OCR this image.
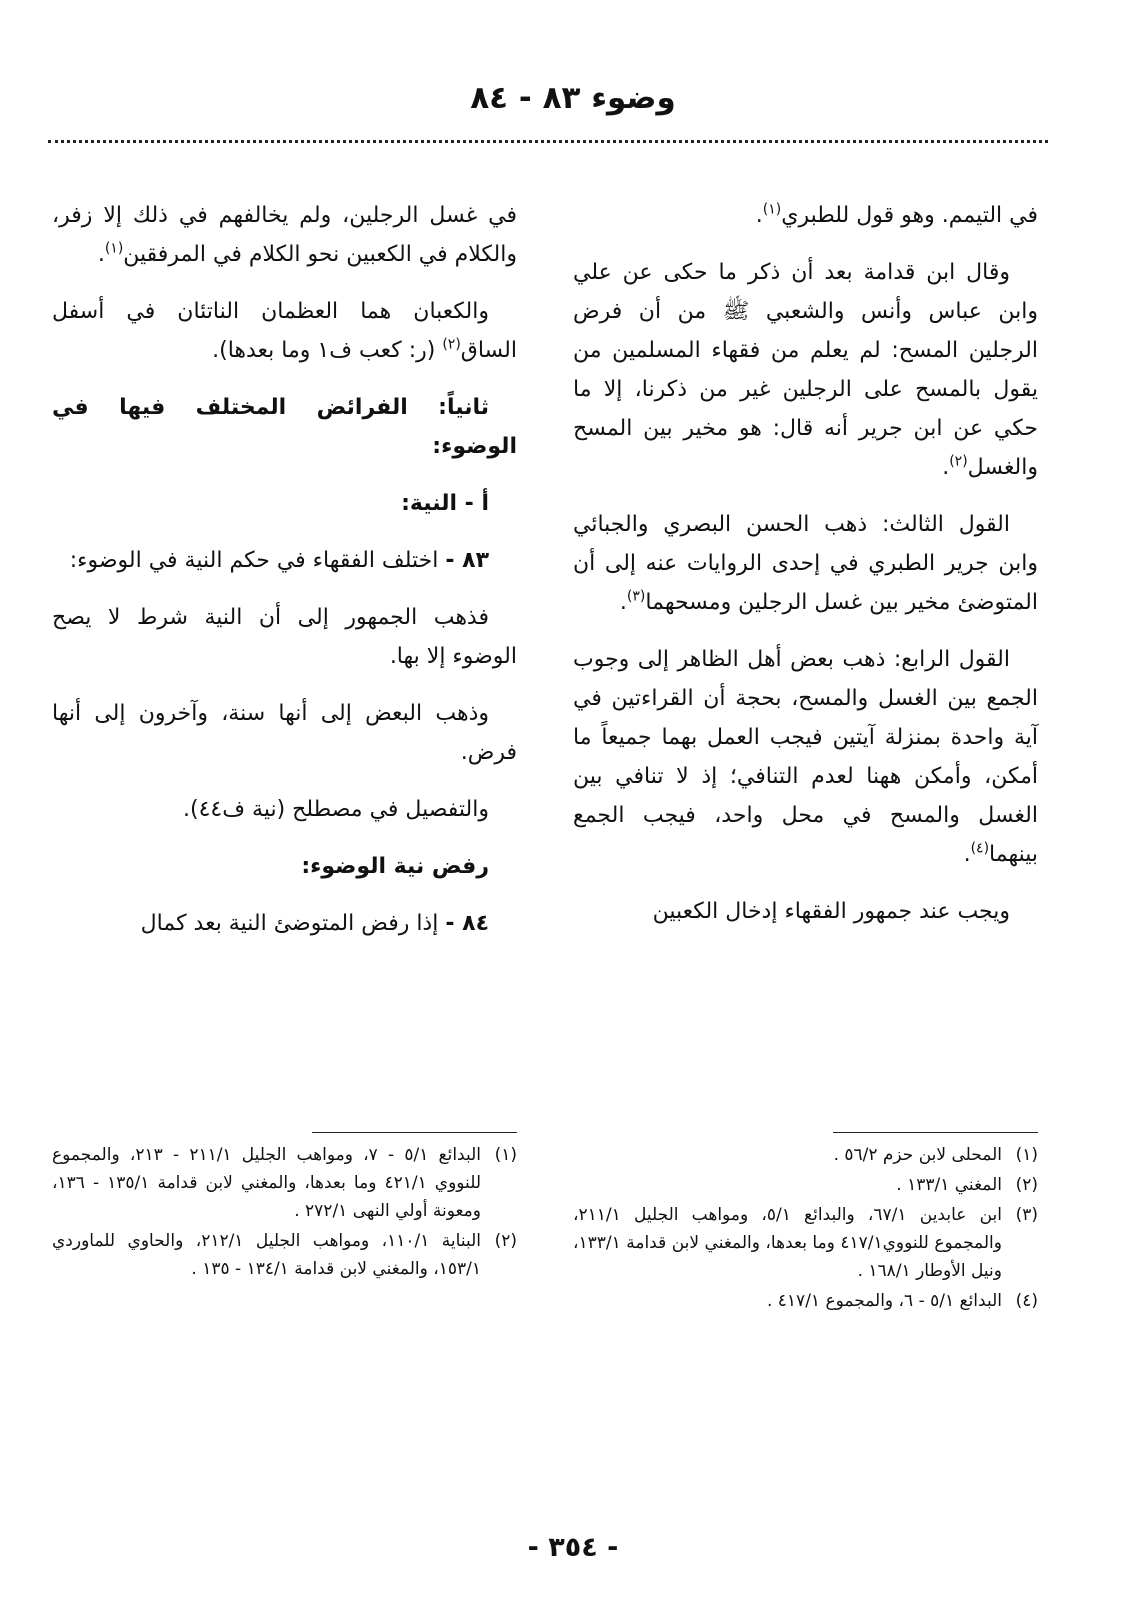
وضوء ٨٣ - ٨٤

في التيمم. وهو قول للطبري$^{(١)}$.

وقال ابن قدامة بعد أن ذكر ما حكى عن علي وابن عباس وأنس والشعبي ﷺ من أن فرض الرجلين المسح: لم يعلم من فقهاء المسلمين من يقول بالمسح على الرجلين غير من ذكرنا، إلا ما حكي عن ابن جرير أنه قال: هو مخير بين المسح والغسل$^{(٢)}$.

القول الثالث: ذهب الحسن البصري والجبائي وابن جرير الطبري في إحدى الروايات عنه إلى أن المتوضئ مخير بين غسل الرجلين ومسحهما$^{(٣)}$.

القول الرابع: ذهب بعض أهل الظاهر إلى وجوب الجمع بين الغسل والمسح، بحجة أن القراءتين في آية واحدة بمنزلة آيتين فيجب العمل بهما جميعاً ما أمكن، وأمكن ههنا لعدم التنافي؛ إذ لا تنافي بين الغسل والمسح في محل واحد، فيجب الجمع بينهما$^{(٤)}$.

ويجب عند جمهور الفقهاء إدخال الكعبين

في غسل الرجلين، ولم يخالفهم في ذلك إلا زفر، والكلام في الكعبين نحو الكلام في المرفقين$^{(١)}$.

والكعبان هما العظمان الناتئان في أسفل الساق$^{(٢)}$ (ر: كعب ف١ وما بعدها).

ثانياً: الفرائض المختلف فيها في الوضوء:

أ - النية:

٨٣ - اختلف الفقهاء في حكم النية في الوضوء:

فذهب الجمهور إلى أن النية شرط لا يصح الوضوء إلا بها.

وذهب البعض إلى أنها سنة، وآخرون إلى أنها فرض.

والتفصيل في مصطلح (نية ف٤٤).

رفض نية الوضوء:

٨٤ - إذا رفض المتوضئ النية بعد كمال

(١)
المحلى لابن حزم ٥٦/٢ .
(٢)
المغني ١٣٣/١ .
(٣)
ابن عابدين ٦٧/١، والبدائع ٥/١، ومواهب الجليل ٢١١/١، والمجموع للنووي٤١٧/١ وما بعدها، والمغني لابن قدامة ١٣٣/١، ونيل الأوطار ١٦٨/١ .
(٤)
البدائع ٥/١ - ٦، والمجموع ٤١٧/١ .
(١)
البدائع ٥/١ - ٧، ومواهب الجليل ٢١١/١ - ٢١٣، والمجموع للنووي ٤٢١/١ وما بعدها، والمغني لابن قدامة ١٣٥/١ - ١٣٦، ومعونة أولي النهى ٢٧٢/١ .
(٢)
البناية ١١٠/١، ومواهب الجليل ٢١٢/١، والحاوي للماوردي ١٥٣/١، والمغني لابن قدامة ١٣٤/١ - ١٣٥ .
- ٣٥٤ -
